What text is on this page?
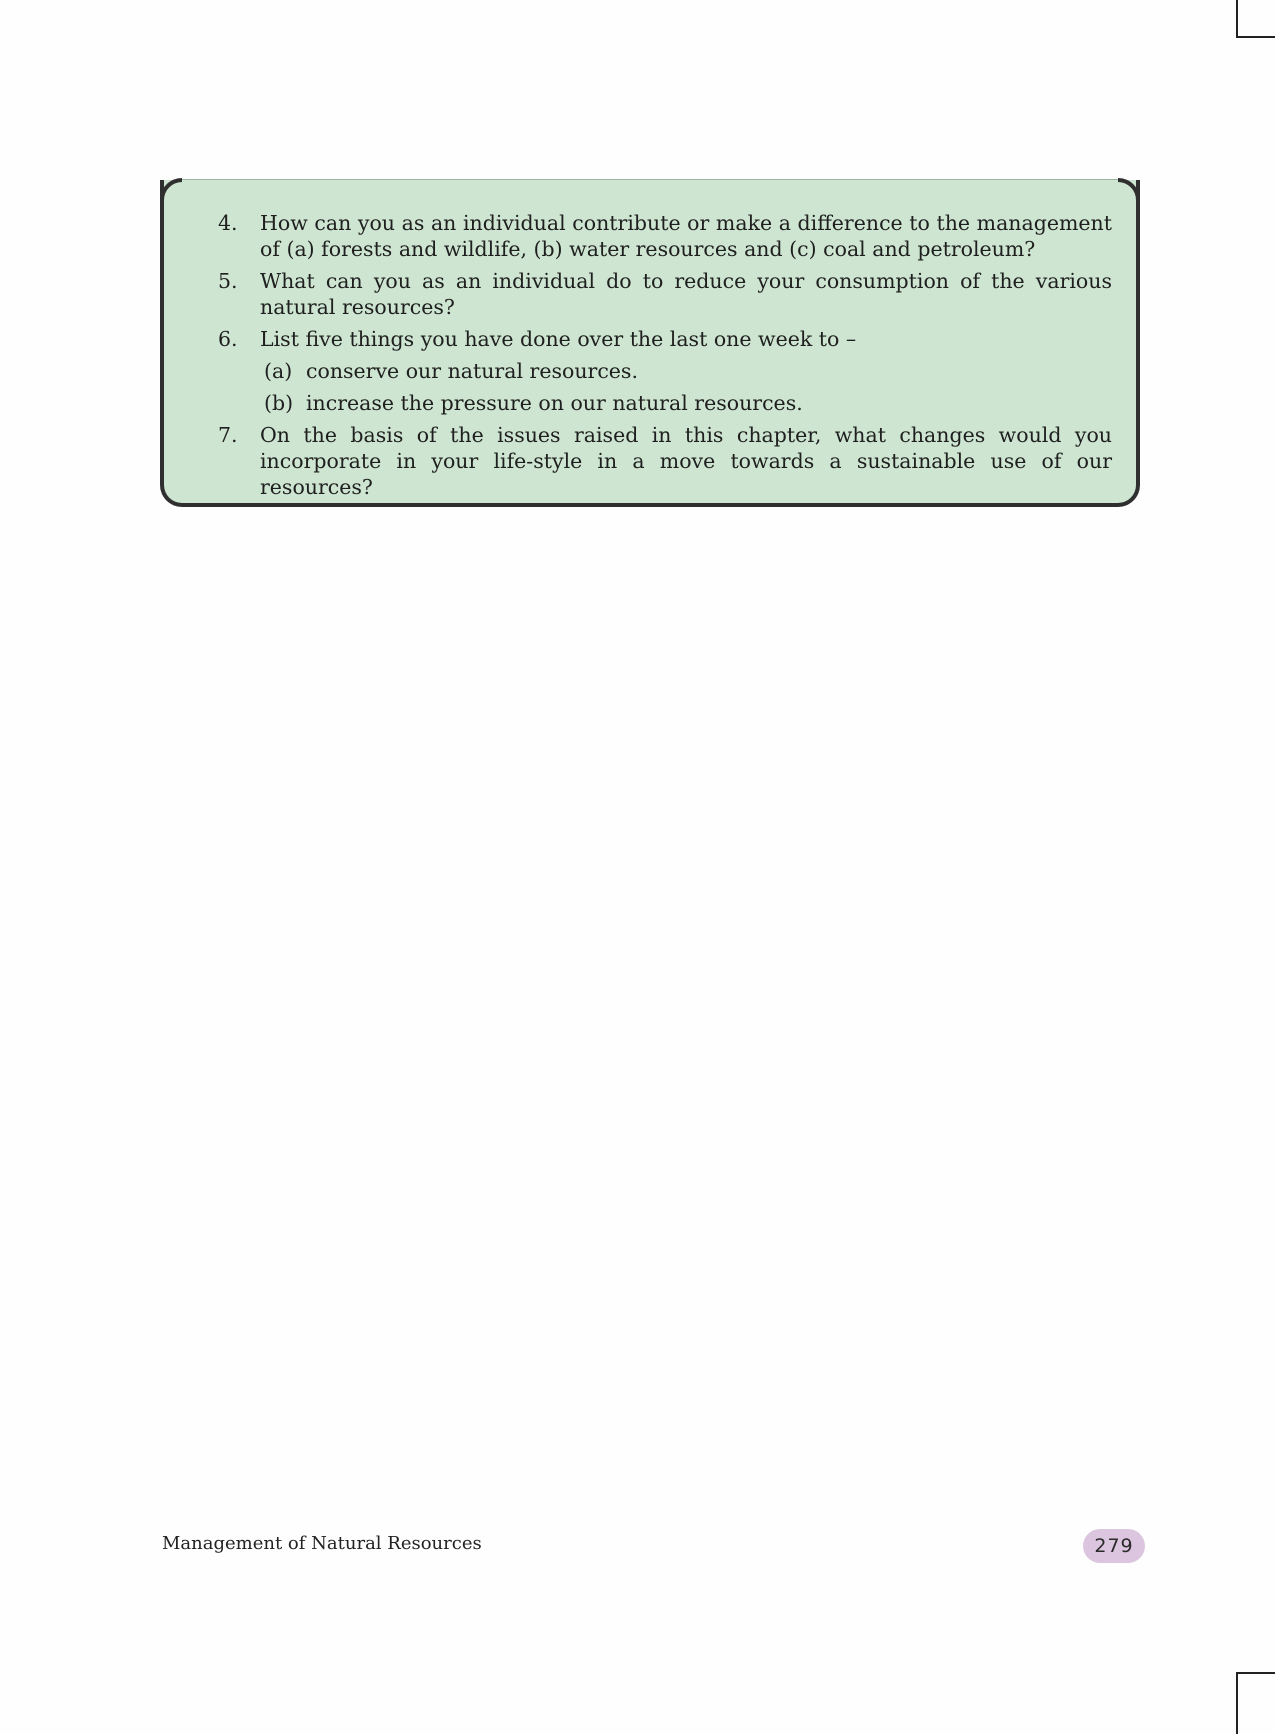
4.	How can you as an individual contribute or make a difference to the management of (a) forests and wildlife, (b) water resources and (c) coal and petroleum?
5.	What can you as an individual do to reduce your consumption of the various natural resources?
6.	List five things you have done over the last one week to –
(a) conserve our natural resources.
(b) increase the pressure on our natural resources.
7.	On the basis of the issues raised in this chapter, what changes would you incorporate in your life-style in a move towards a sustainable use of our resources?
Management of Natural Resources	279
